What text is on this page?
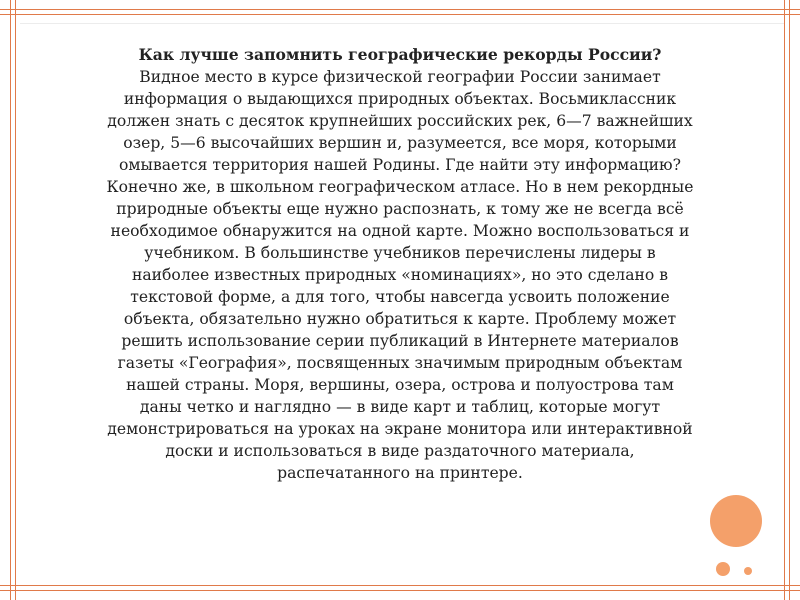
Как лучше запомнить географические рекорды России?
Видное место в курсе физической географии России занимает
информация о выдающихся природных объектах. Восьмиклассник
должен знать с десяток крупнейших российских рек, 6—7 важнейших
озер, 5—6 высочайших вершин и, разумеется, все моря, которыми
омывается территория нашей Родины. Где найти эту информацию?
Конечно же, в школьном географическом атласе. Но в нем рекордные
природные объекты еще нужно распознать, к тому же не всегда всё
необходимое обнаружится на одной карте. Можно воспользоваться и
учебником. В большинстве учебников перечислены лидеры в
наиболее известных природных «номинациях», но это сделано в
текстовой форме, а для того, чтобы навсегда усвоить положение
объекта, обязательно нужно обратиться к карте. Проблему может
решить использование серии публикаций в Интернете материалов
газеты «География», посвященных значимым природным объектам
нашей страны. Моря, вершины, озера, острова и полуострова там
даны четко и наглядно — в виде карт и таблиц, которые могут
демонстрироваться на уроках на экране монитора или интерактивной
доски и использоваться в виде раздаточного материала,
распечатанного на принтере.
